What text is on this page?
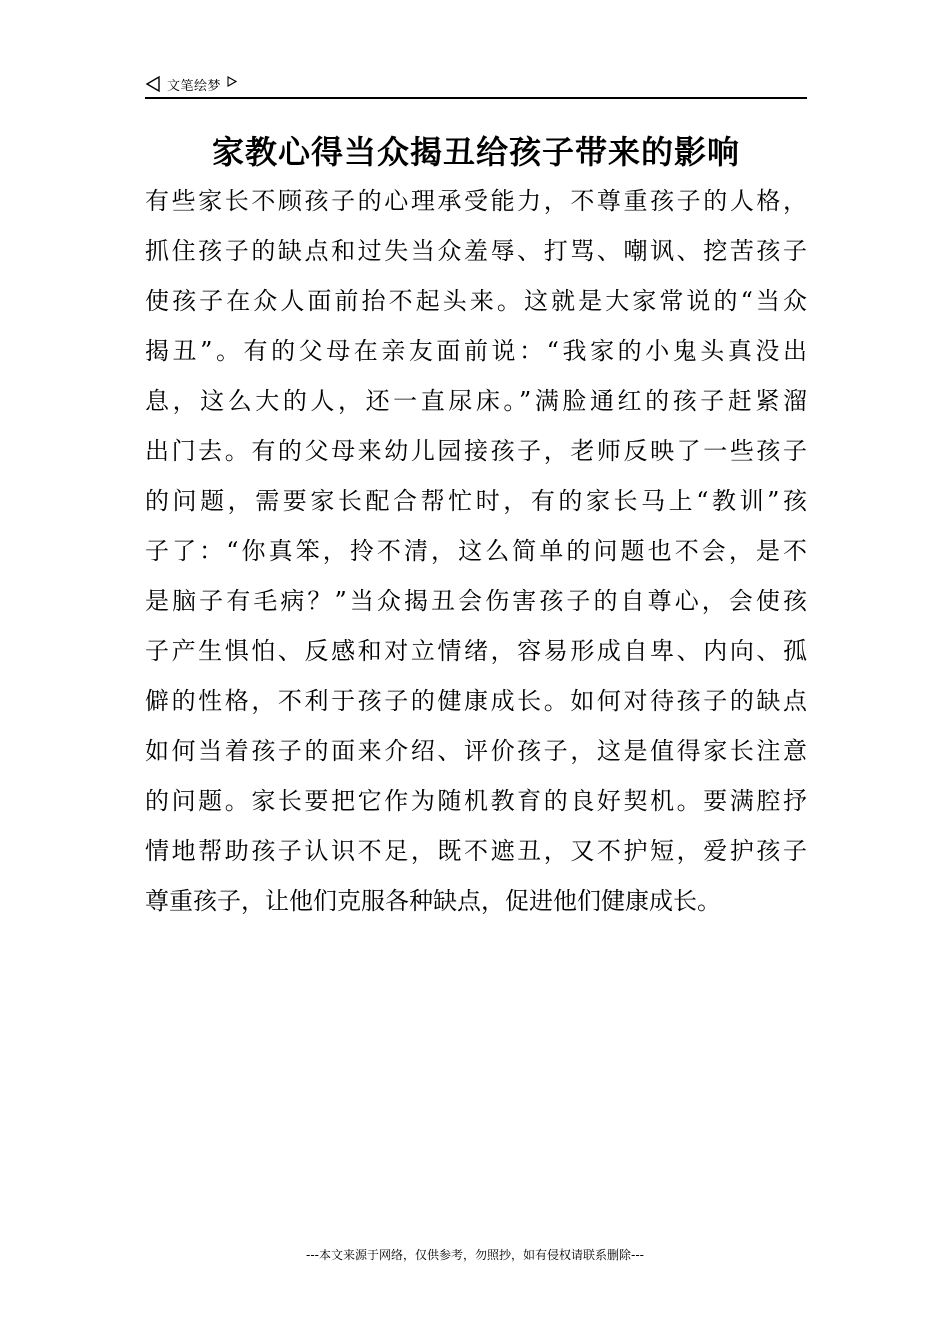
文笔绘梦
家教心得当众揭丑给孩子带来的影响
有些家长不顾孩子的心理承受能力，不尊重孩子的人格，
抓住孩子的缺点和过失当众羞辱、打骂、嘲讽、挖苦孩子
使孩子在众人面前抬不起头来。这就是大家常说的“当众
揭丑”。有的父母在亲友面前说：“我家的小鬼头真没出
息，这么大的人，还一直尿床。”满脸通红的孩子赶紧溜
出门去。有的父母来幼儿园接孩子，老师反映了一些孩子
的问题，需要家长配合帮忙时，有的家长马上“教训”孩
子了：“你真笨，拎不清，这么简单的问题也不会，是不
是脑子有毛病？”当众揭丑会伤害孩子的自尊心，会使孩
子产生惧怕、反感和对立情绪，容易形成自卑、内向、孤
僻的性格，不利于孩子的健康成长。如何对待孩子的缺点
如何当着孩子的面来介绍、评价孩子，这是值得家长注意
的问题。家长要把它作为随机教育的良好契机。要满腔抒
情地帮助孩子认识不足，既不遮丑，又不护短，爱护孩子
尊重孩子，让他们克服各种缺点，促进他们健康成长。
---本文来源于网络，仅供参考，勿照抄，如有侵权请联系删除---
